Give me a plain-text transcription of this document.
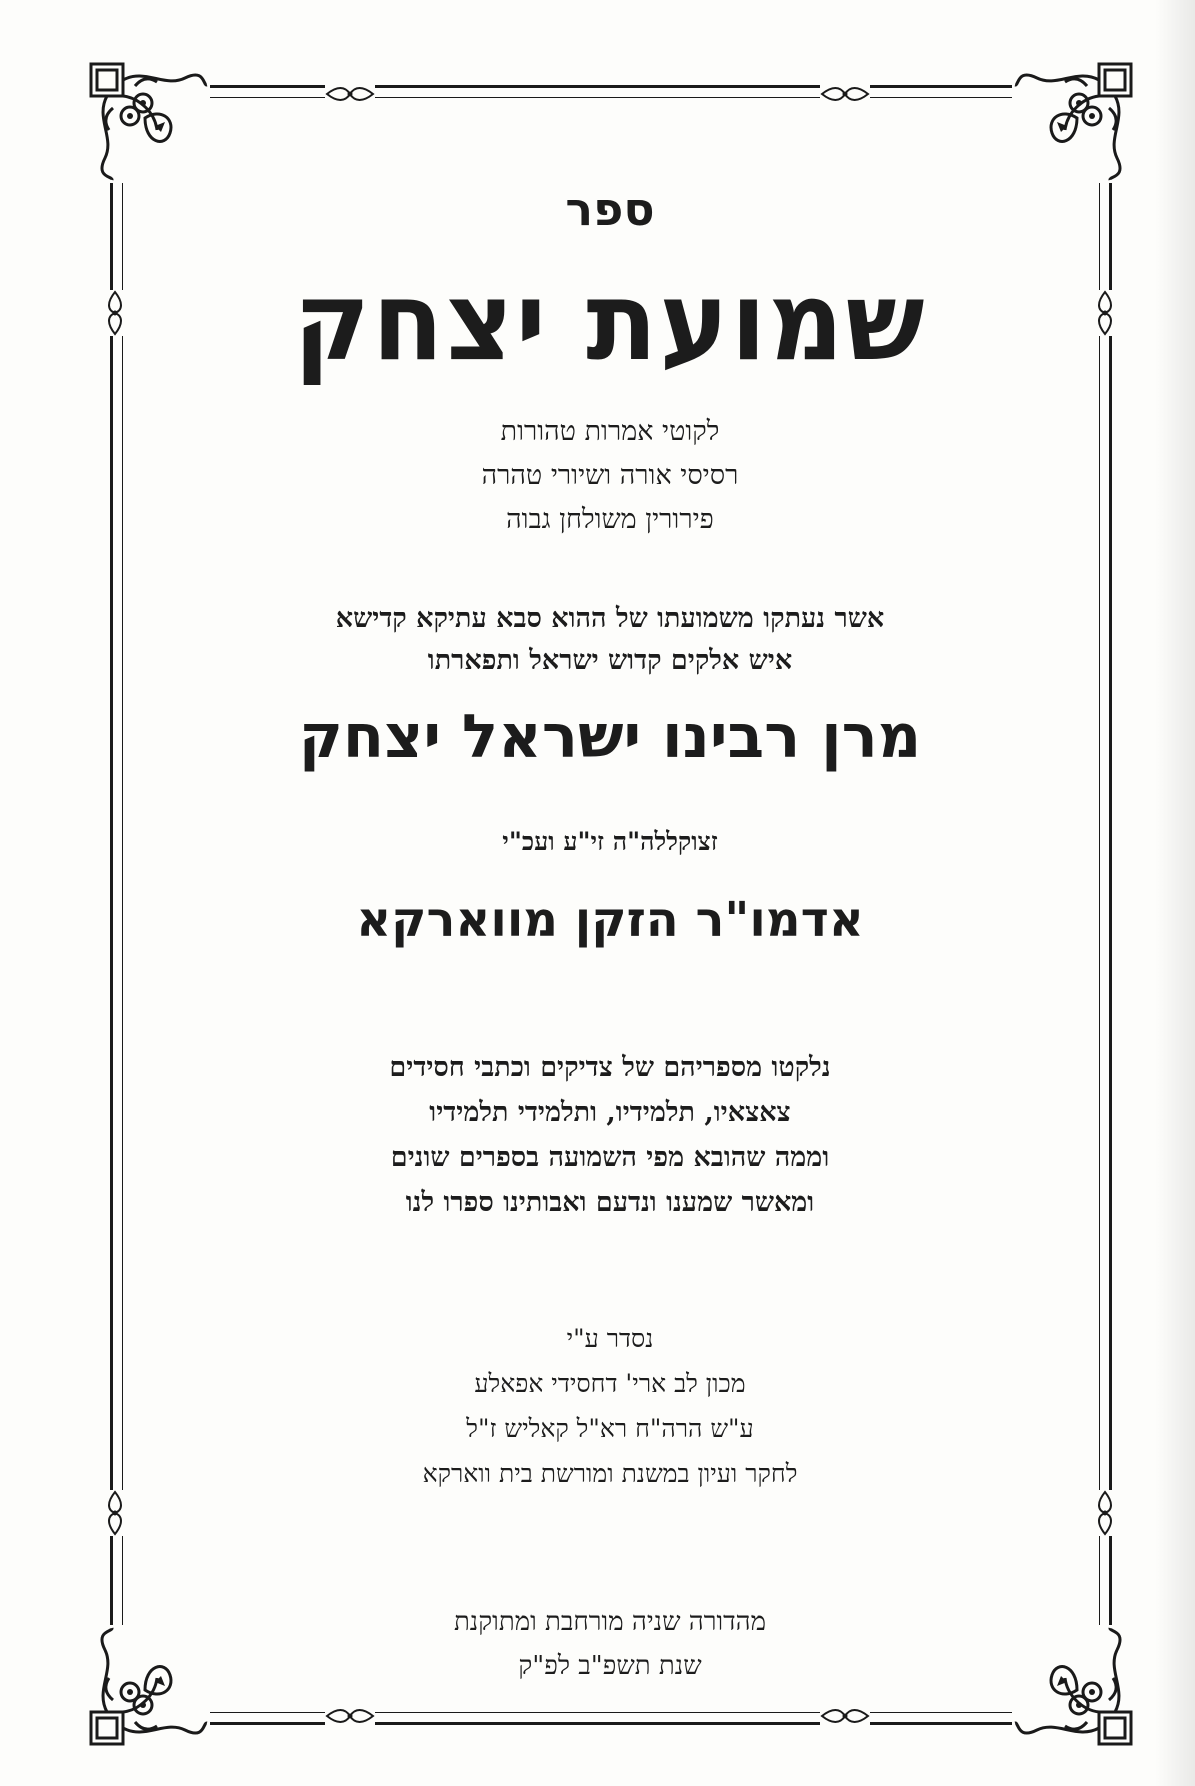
ספר
שמועת יצחק
לקוטי אמרות טהורות
רסיסי אורה ושיורי טהרה
פירורין משולחן גבוה
אשר נעתקו משמועתו של ההוא סבא עתיקא קדישא
איש אלקים קדוש ישראל ותפארתו
מרן רבינו ישראל יצחק
זצוקללה"ה זי"ע ועכ"י
אדמו"ר הזקן מווארקא
נלקטו מספריהם של צדיקים וכתבי חסידים
צאצאיו, תלמידיו, ותלמידי תלמידיו
וממה שהובא מפי השמועה בספרים שונים
ומאשר שמענו ונדעם ואבותינו ספרו לנו
נסדר ע"י
מכון לב ארי' דחסידי אפאלע
ע"ש הרה"ח רא"ל קאליש ז"ל
לחקר ועיון במשנת ומורשת בית ווארקא
מהדורה שניה מורחבת ומתוקנת
שנת תשפ"ב לפ"ק
